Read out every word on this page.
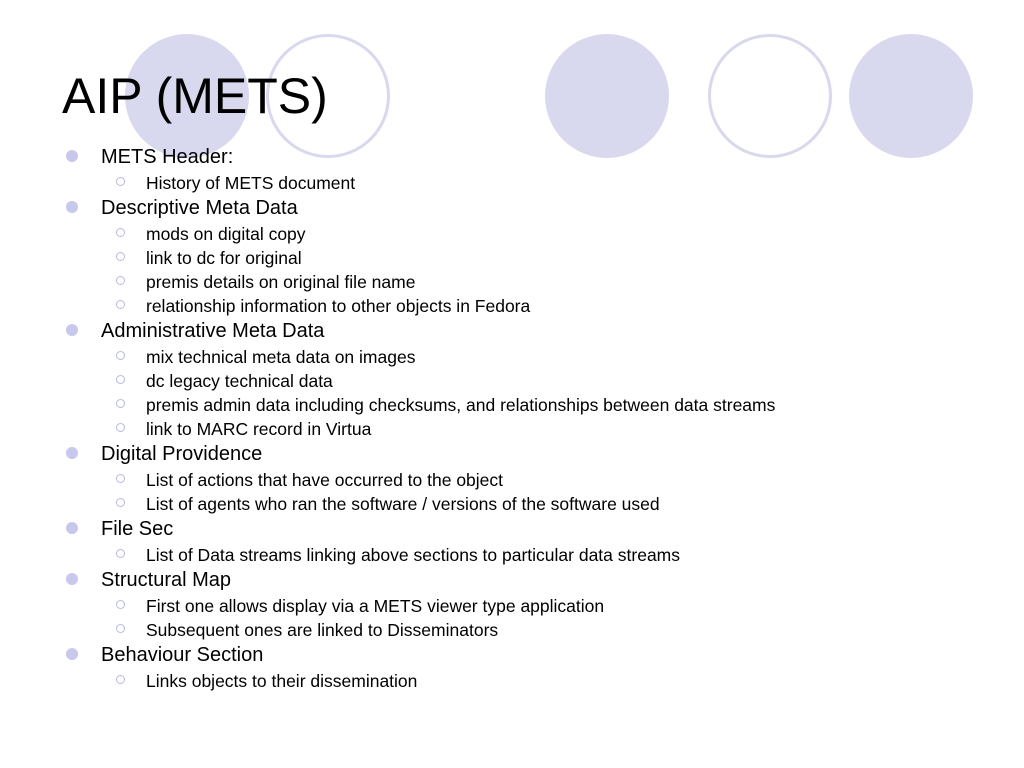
AIP (METS)
METS Header:
History of METS document
Descriptive Meta Data
mods on digital copy
link to dc for original
premis details on original file name
relationship information to other objects in Fedora
Administrative Meta Data
mix technical meta data on images
dc legacy technical data
premis admin data including checksums, and relationships between data streams
link to MARC record in Virtua
Digital Providence
List of actions that have occurred to the object
List of agents who ran the software / versions of the software used
File Sec
List of Data streams linking above sections to particular data streams
Structural Map
First one allows display via a METS viewer type application
Subsequent ones are linked to Disseminators
Behaviour Section
Links objects to their dissemination
